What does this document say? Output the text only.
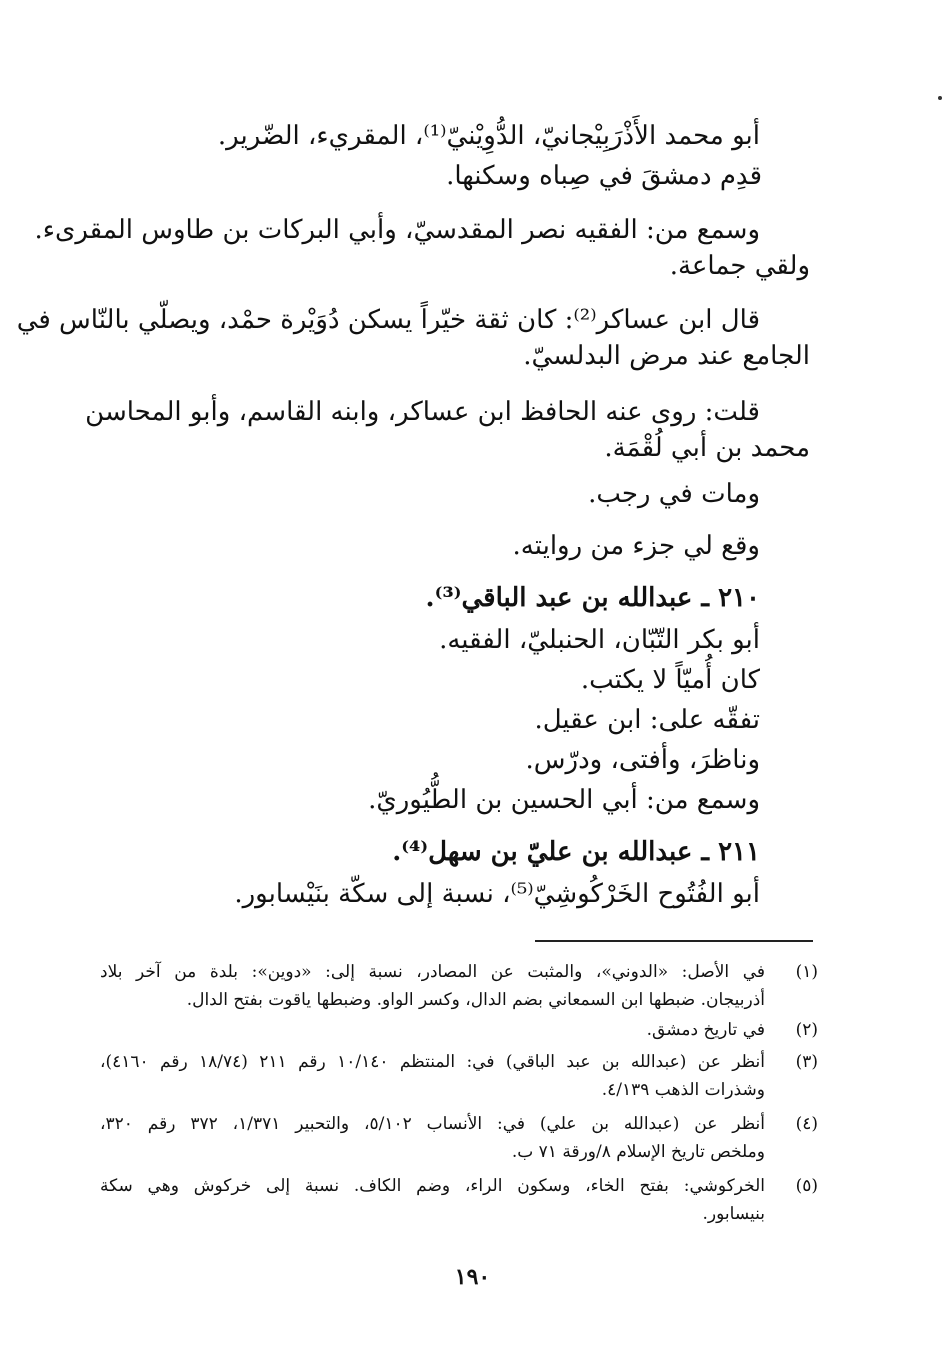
أبو محمد الأَذْرَبِيْجانيّ، الدُّوِيْنيّ⁽¹⁾، المقريء، الضّرير.
قدِم دمشقَ في صِباه وسكنها.
وسمع من: الفقيه نصر المقدسيّ، وأبي البركات بن طاوس المقرىء.
ولقي جماعة.
قال ابن عساكر⁽²⁾: كان ثقة خيّراً يسكن دُوَيْرة حمْد، ويصلّي بالنّاس في
الجامع عند مرض البدلسيّ.
قلت: روى عنه الحافظ ابن عساكر، وابنه القاسم، وأبو المحاسن
محمد بن أبي لُقْمَة.
ومات في رجب.
وقع لي جزء من روايته.
٢١٠ ـ عبدالله بن عبد الباقي⁽³⁾.
أبو بكر التّبّان، الحنبليّ، الفقيه.
كان أُميّاً لا يكتب.
تفقّه على: ابن عقيل.
وناظرَ، وأفتى، ودرّس.
وسمع من: أبي الحسين بن الطُّيُوريّ.
٢١١ ـ عبدالله بن عليّ بن سهل⁽⁴⁾.
أبو الفُتُوح الخَرْكُوشِيّ⁽⁵⁾، نسبة إلى سكّة بنَيْسابور.
(١)
في الأصل: «الدوني»، والمثبت عن المصادر، نسبة إلى: «دوين»: بلدة من آخر بلاد
أذربيجان. ضبطها ابن السمعاني بضم الدال، وكسر الواو. وضبطها ياقوت بفتح الدال.
(٢)
في تاريخ دمشق.
(٣)
أنظر عن (عبدالله بن عبد الباقي) في: المنتظم ١٠/١٤٠ رقم ٢١١ (١٨/٧٤ رقم ٤١٦٠)،
وشذرات الذهب ٤/١٣٩.
(٤)
أنظر عن (عبدالله بن علي) في: الأنساب ٥/١٠٢، والتحبير ١/٣٧١، ٣٧٢ رقم ٣٢٠،
وملخص تاريخ الإسلام ٨/ورقة ٧١ ب.
(٥)
الخركوشي: بفتح الخاء، وسكون الراء، وضم الكاف. نسبة إلى خركوش وهي سكة
بنيسابور.
١٩٠
